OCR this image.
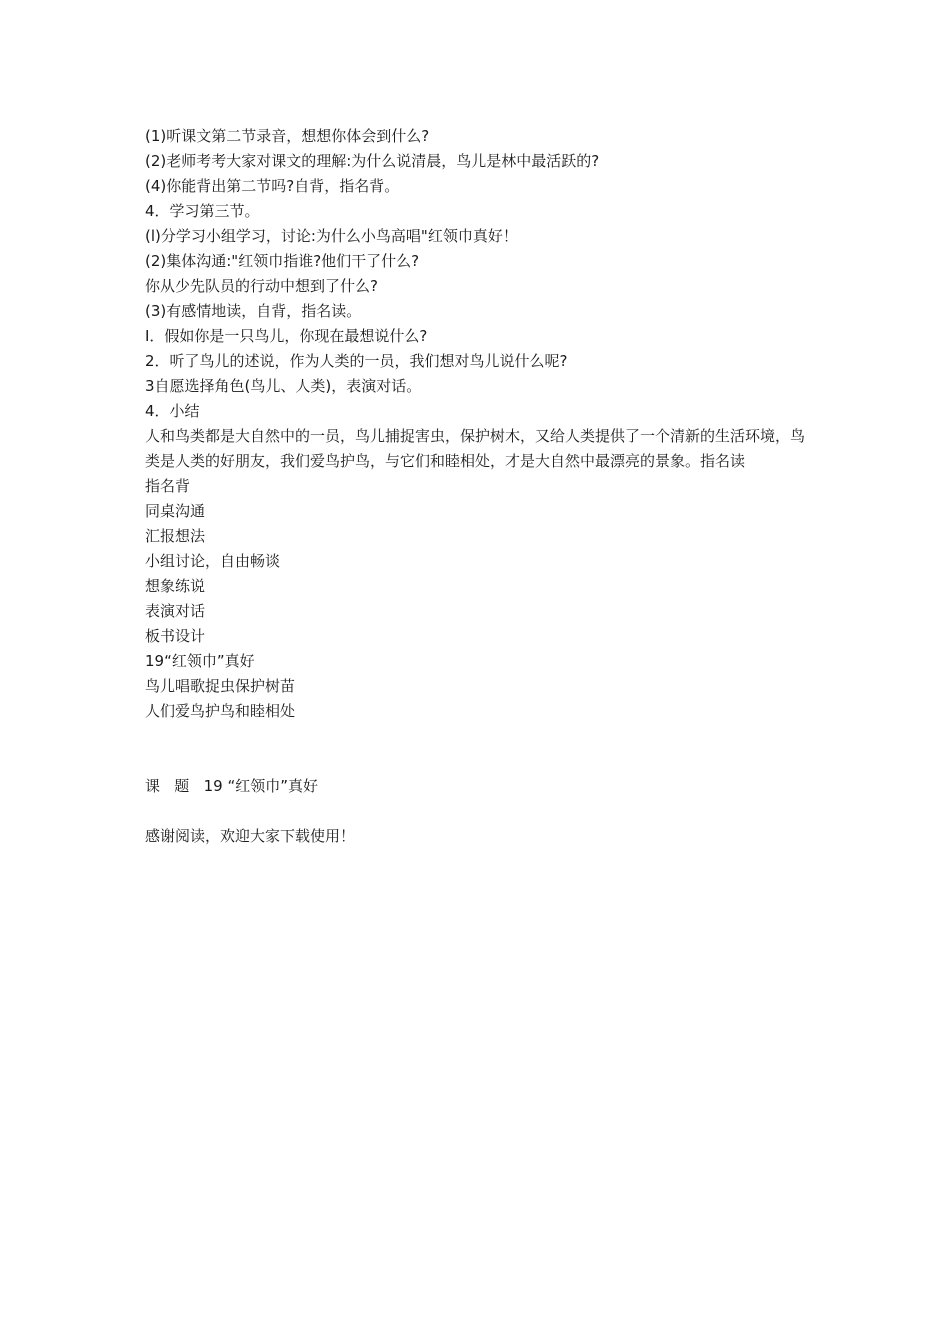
(1)听课文第二节录音，想想你体会到什么?

(2)老师考考大家对课文的理解:为什么说清晨，鸟儿是林中最活跃的?

(4)你能背出第二节吗?自背，指名背。

4．学习第三节。

(l)分学习小组学习，讨论:为什么小鸟高唱"红领巾真好！

(2)集体沟通:"红领巾指谁?他们干了什么?

你从少先队员的行动中想到了什么?

(3)有感情地读，自背，指名读。

I．假如你是一只鸟儿，你现在最想说什么?

2．听了鸟儿的述说，作为人类的一员，我们想对鸟儿说什么呢?

3自愿选择角色(鸟儿、人类)，表演对话。

4．小结

人和鸟类都是大自然中的一员，鸟儿捕捉害虫，保护树木，又给人类提供了一个清新的生活环境，鸟类是人类的好朋友，我们爱鸟护鸟，与它们和睦相处，才是大自然中最漂亮的景象。指名读

指名背

同桌沟通

汇报想法

小组讨论，自由畅谈

想象练说

表演对话

板书设计

19“红领巾”真好

鸟儿唱歌捉虫保护树苗

人们爱鸟护鸟和睦相处

课   题   19 “红领巾”真好

感谢阅读，欢迎大家下载使用！
